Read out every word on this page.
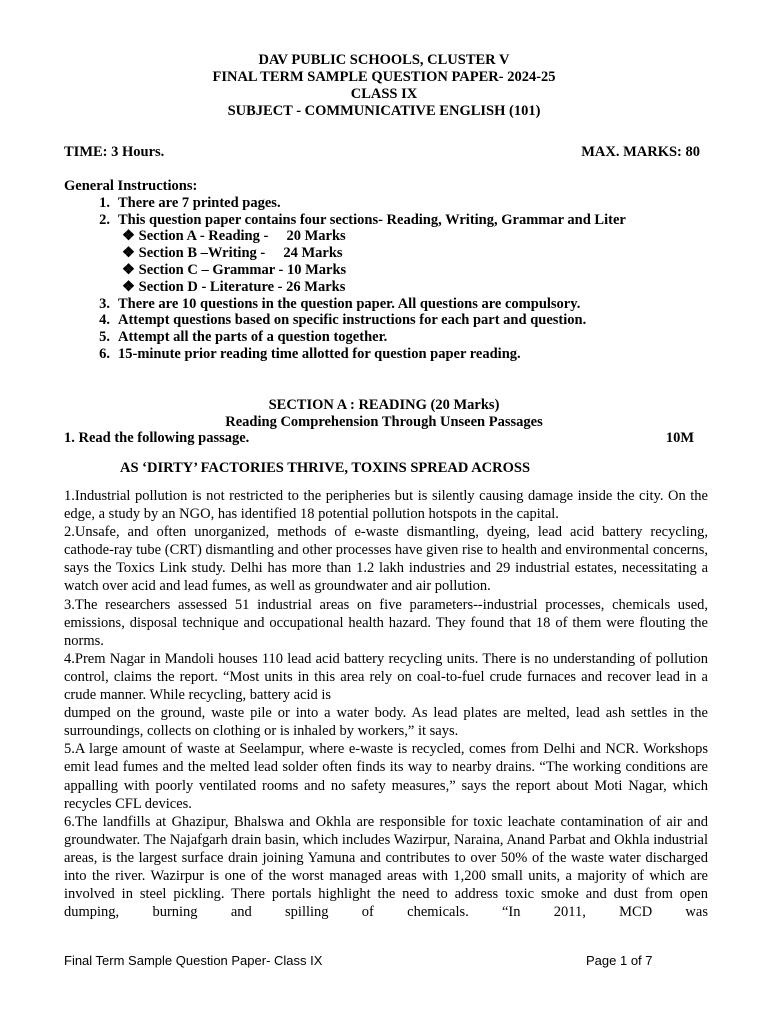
DAV PUBLIC SCHOOLS, CLUSTER V
FINAL TERM SAMPLE QUESTION PAPER- 2024-25
CLASS IX
SUBJECT - COMMUNICATIVE ENGLISH (101)
TIME: 3 Hours.	MAX. MARKS: 80
General Instructions:
1. There are 7 printed pages.
2. This question paper contains four sections- Reading, Writing, Grammar and Liter
❖ Section A - Reading - 20 Marks
❖ Section B –Writing - 24 Marks
❖ Section C – Grammar - 10 Marks
❖ Section D - Literature - 26 Marks
3. There are 10 questions in the question paper. All questions are compulsory.
4. Attempt questions based on specific instructions for each part and question.
5. Attempt all the parts of a question together.
6. 15-minute prior reading time allotted for question paper reading.
SECTION A : READING (20 Marks)
Reading Comprehension Through Unseen Passages
1. Read the following passage.	10M
AS ‘DIRTY’ FACTORIES THRIVE, TOXINS SPREAD ACROSS

1.Industrial pollution is not restricted to the peripheries but is silently causing damage inside the city. On the edge, a study by an NGO, has identified 18 potential pollution hotspots in the capital.

2.Unsafe, and often unorganized, methods of e-waste dismantling, dyeing, lead acid battery recycling, cathode-ray tube (CRT) dismantling and other processes have given rise to health and environmental concerns, says the Toxics Link study. Delhi has more than 1.2 lakh industries and 29 industrial estates, necessitating a watch over acid and lead fumes, as well as groundwater and air pollution.

3.The researchers assessed 51 industrial areas on five parameters--industrial processes, chemicals used, emissions, disposal technique and occupational health hazard. They found that 18 of them were flouting the norms.

4.Prem Nagar in Mandoli houses 110 lead acid battery recycling units. There is no understanding of pollution control, claims the report. “Most units in this area rely on coal-to-fuel crude furnaces and recover lead in a crude manner. While recycling, battery acid is

dumped on the ground, waste pile or into a water body. As lead plates are melted, lead ash settles in the surroundings, collects on clothing or is inhaled by workers,” it says.

5.A large amount of waste at Seelampur, where e-waste is recycled, comes from Delhi and NCR. Workshops emit lead fumes and the melted lead solder often finds its way to nearby drains. “The working conditions are appalling with poorly ventilated rooms and no safety measures,” says the report about Moti Nagar, which recycles CFL devices.

6.The landfills at Ghazipur, Bhalswa and Okhla are responsible for toxic leachate contamination of air and groundwater. The Najafgarh drain basin, which includes Wazirpur, Naraina, Anand Parbat and Okhla industrial areas, is the largest surface drain joining Yamuna and contributes to over 50% of the waste water discharged into the river. Wazirpur is one of the worst managed areas with 1,200 small units, a majority of which are involved in steel pickling. There portals highlight the need to address toxic smoke and dust from open dumping, burning and spilling of chemicals. “In 2011, MCD was

Final Term Sample Question Paper- Class IX	Page 1 of 7
